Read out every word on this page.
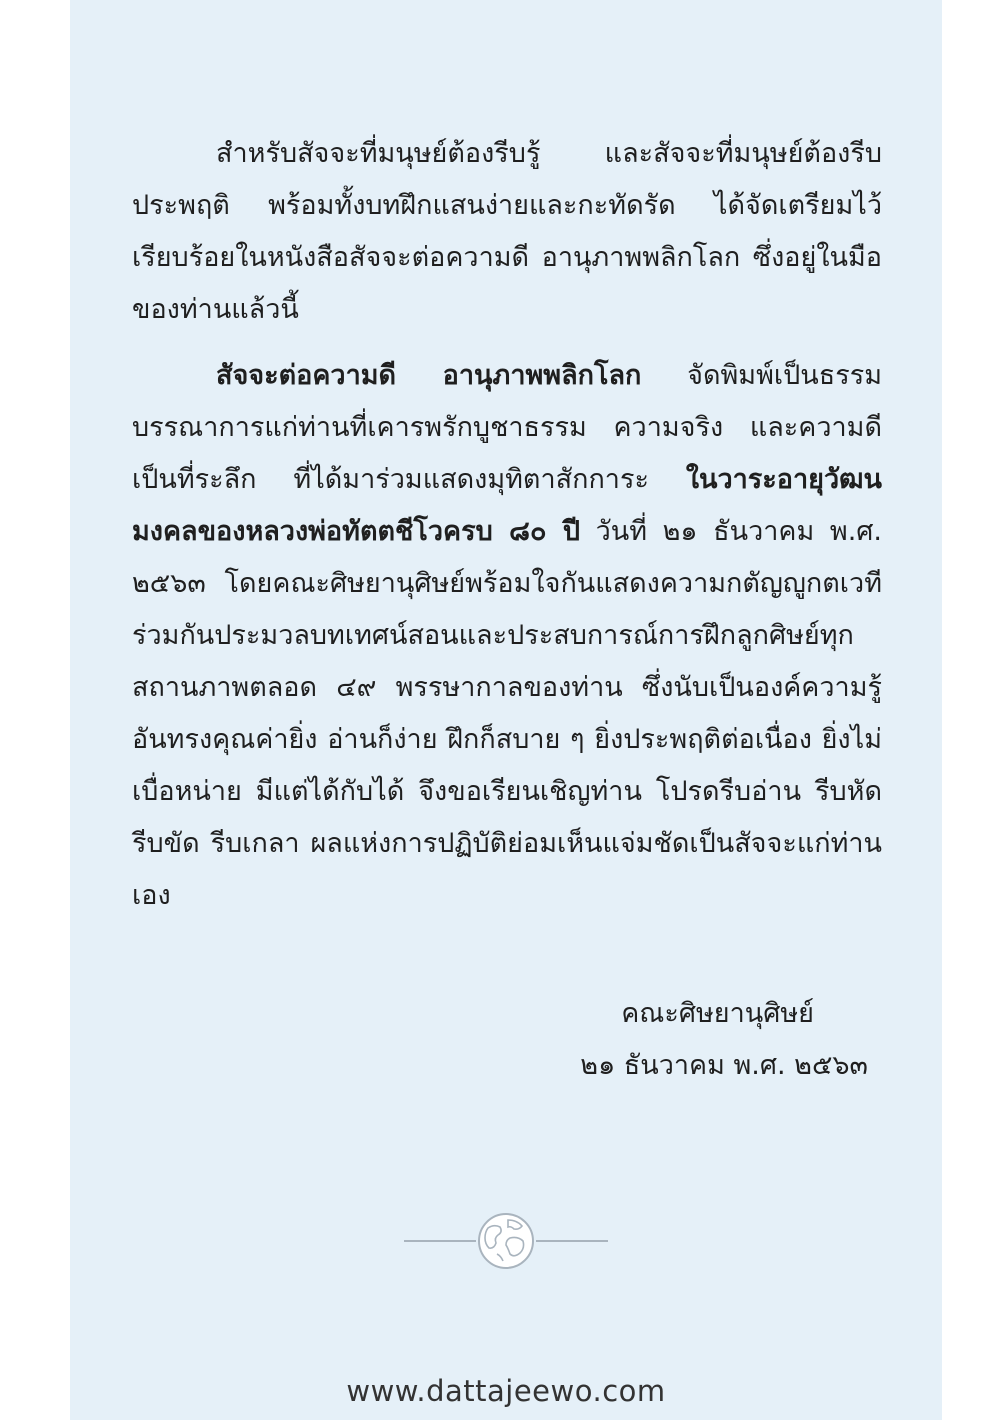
สำหรับสัจจะที่มนุษย์ต้องรีบรู้ และสัจจะที่มนุษย์ต้องรีบประพฤติ พร้อมทั้งบทฝึกแสนง่ายและกะทัดรัด ได้จัดเตรียมไว้เรียบร้อยในหนังสือสัจจะต่อความดี อานุภาพพลิกโลก ซึ่งอยู่ในมือของท่านแล้วนี้

สัจจะต่อความดี อานุภาพพลิกโลก จัดพิมพ์เป็นธรรมบรรณาการแก่ท่านที่เคารพรักบูชาธรรม ความจริง และความดี เป็นที่ระลึก ที่ได้มาร่วมแสดงมุทิตาสักการะ ในวาระอายุวัฒนมงคลของหลวงพ่อทัตตชีโวครบ ๘๐ ปี วันที่ ๒๑ ธันวาคม พ.ศ. ๒๕๖๓ โดยคณะศิษยานุศิษย์พร้อมใจกันแสดงความกตัญญูกตเวที ร่วมกันประมวลบทเทศน์สอนและประสบการณ์การฝึกลูกศิษย์ทุกสถานภาพตลอด ๔๙ พรรษากาลของท่าน ซึ่งนับเป็นองค์ความรู้อันทรงคุณค่ายิ่ง อ่านก็ง่าย ฝึกก็สบาย ๆ ยิ่งประพฤติต่อเนื่อง ยิ่งไม่เบื่อหน่าย มีแต่ได้กับได้ จึงขอเรียนเชิญท่าน โปรดรีบอ่าน รีบหัด รีบขัด รีบเกลา ผลแห่งการปฏิบัติย่อมเห็นแจ่มชัดเป็นสัจจะแก่ท่านเอง

คณะศิษยานุศิษย์
๒๑ ธันวาคม พ.ศ. ๒๕๖๓
www.dattajeewo.com
